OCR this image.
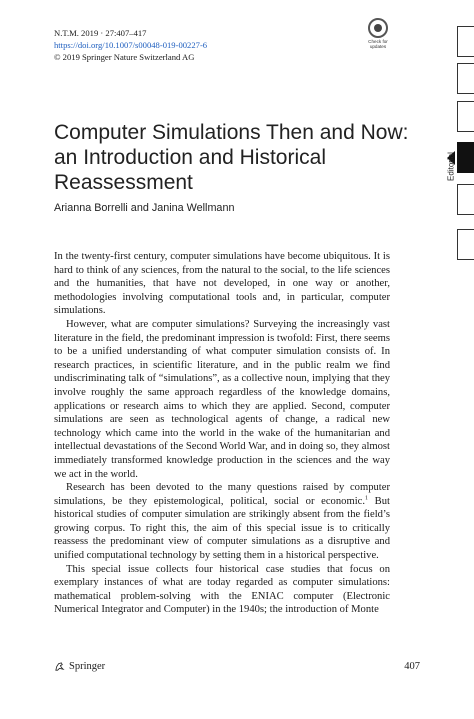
N.T.M. 2019 · 27:407–417
https://doi.org/10.1007/s00048-019-00227-6
© 2019 Springer Nature Switzerland AG
Check for
updates
Editorial
Computer Simulations Then and Now: an Introduction and Historical Reassessment
Arianna Borrelli and Janina Wellmann

In the twenty-first century, computer simulations have become ubiquitous. It is hard to think of any sciences, from the natural to the social, to the life sciences and the humanities, that have not developed, in one way or another, methodologies involving computational tools and, in particular, computer simulations.

However, what are computer simulations? Surveying the increasingly vast literature in the field, the predominant impression is twofold: First, there seems to be a unified understanding of what computer simulation consists of. In research practices, in scientific literature, and in the public realm we find undiscriminating talk of “simulations”, as a collective noun, implying that they involve roughly the same approach regardless of the knowledge domains, applications or research aims to which they are applied. Second, computer simulations are seen as technological agents of change, a radical new technology which came into the world in the wake of the humanitarian and intellectual devastations of the Second World War, and in doing so, they almost immediately transformed knowledge production in the sciences and the way we act in the world.

Research has been devoted to the many questions raised by computer simulations, be they epistemological, political, social or economic.$^1$ But historical studies of computer simulation are strikingly absent from the field’s growing corpus. To right this, the aim of this special issue is to critically reassess the predominant view of computer simulations as a disruptive and unified computational technology by setting them in a historical perspective.

This special issue collects four historical case studies that focus on exemplary instances of what are today regarded as computer simulations: mathematical problem-solving with the ENIAC computer (Electronic Numerical Integrator and Computer) in the 1940s; the introduction of Monte

Springer	407
